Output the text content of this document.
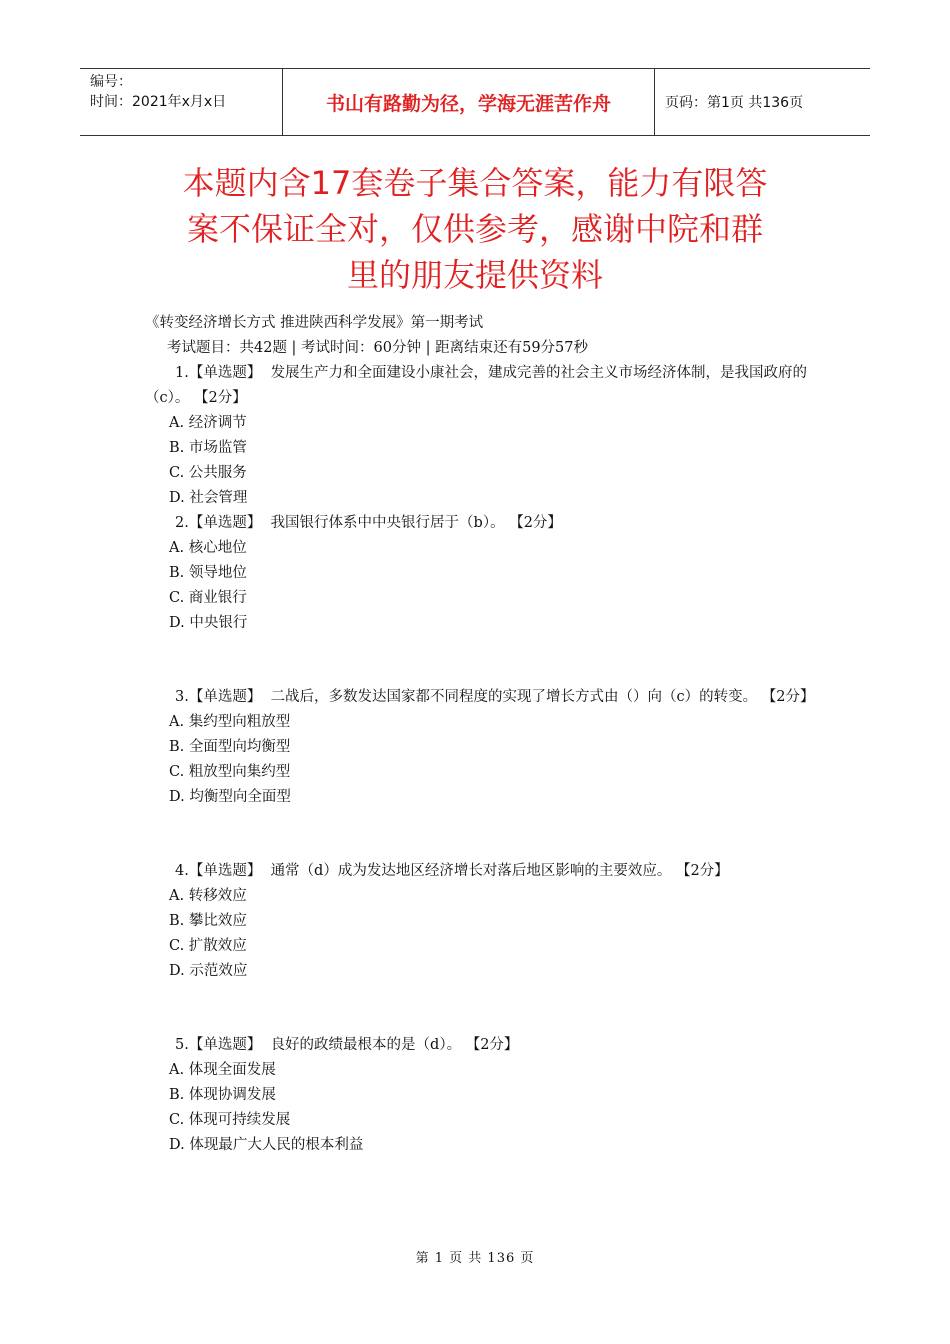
编号：
时间：2021年x月x日	书山有路勤为径，学海无涯苦作舟	页码：第1页 共136页
本题内含17套卷子集合答案，能力有限答
案不保证全对，仅供参考，感谢中院和群
里的朋友提供资料
《转变经济增长方式 推进陕西科学发展》第一期考试
考试题目：共42题 | 考试时间：60分钟 | 距离结束还有59分57秒
1.【单选题】 发展生产力和全面建设小康社会，建成完善的社会主义市场经济体制，是我国政府的（c）。 【2分】
A. 经济调节
B. 市场监管
C. 公共服务
D. 社会管理
2.【单选题】 我国银行体系中中央银行居于（b）。 【2分】
A. 核心地位
B. 领导地位
C. 商业银行
D. 中央银行
3.【单选题】 二战后，多数发达国家都不同程度的实现了增长方式由（）向（c）的转变。 【2分】
A. 集约型向粗放型
B. 全面型向均衡型
C. 粗放型向集约型
D. 均衡型向全面型
4.【单选题】 通常（d）成为发达地区经济增长对落后地区影响的主要效应。 【2分】
A. 转移效应
B. 攀比效应
C. 扩散效应
D. 示范效应
5.【单选题】 良好的政绩最根本的是（d）。 【2分】
A. 体现全面发展
B. 体现协调发展
C. 体现可持续发展
D. 体现最广大人民的根本利益
第 1 页 共 136 页
